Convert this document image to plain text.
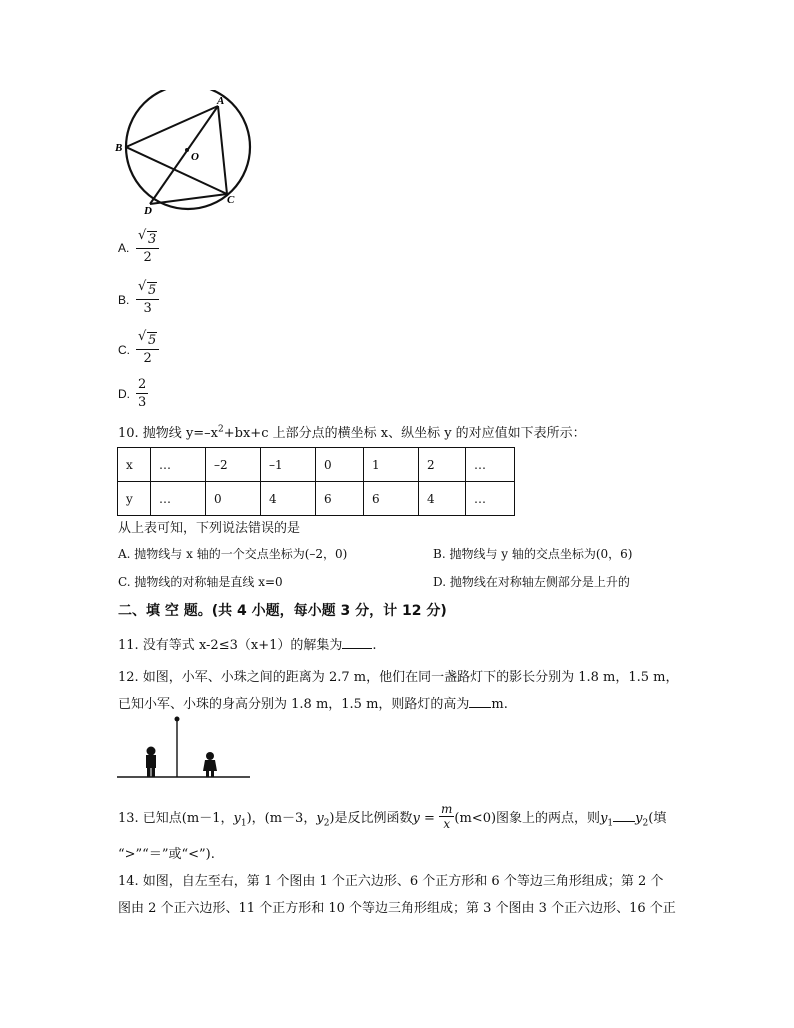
A
B
C
D
O
A.
√ 3
2
B.
√ 5
3
C.
√ 5
2
D.
2
3
10. 抛物线 $y=-x^2+bx+c$ 上部分点的横坐标 x、纵坐标 y 的对应值如下表所示：
x	…	–2	–1	0	1	2	…
y	…	0	4	6	6	4	…
从上表可知，下列说法错误的是
A. 抛物线与 x 轴的一个交点坐标为(–2，0)	B. 抛物线与 y 轴的交点坐标为(0，6)
C. 抛物线的对称轴是直线 x=0	D. 抛物线在对称轴左侧部分是上升的
二、填 空 题。(共 4 小题，每小题 3 分，计 12 分)
11. 没有等式 x-2≤3（x+1）的解集为 .
12. 如图，小军、小珠之间的距离为 2.7 m，他们在同一盏路灯下的影长分别为 1.8 m，1.5 m，
已知小军、小珠的身高分别为 1.8 m，1.5 m，则路灯的高为 m.
13. 已知点(m－1，$y_1$)，(m－3，$y_2$)是反比例函数$y = \frac{m}{x} (m<0)$图象上的两点，则$y_1$ $y_2$(填
“>”“＝”或“<”).
14. 如图，自左至右，第 1 个图由 1 个正六边形、6 个正方形和 6 个等边三角形组成；第 2 个
图由 2 个正六边形、11 个正方形和 10 个等边三角形组成；第 3 个图由 3 个正六边形、16 个正
